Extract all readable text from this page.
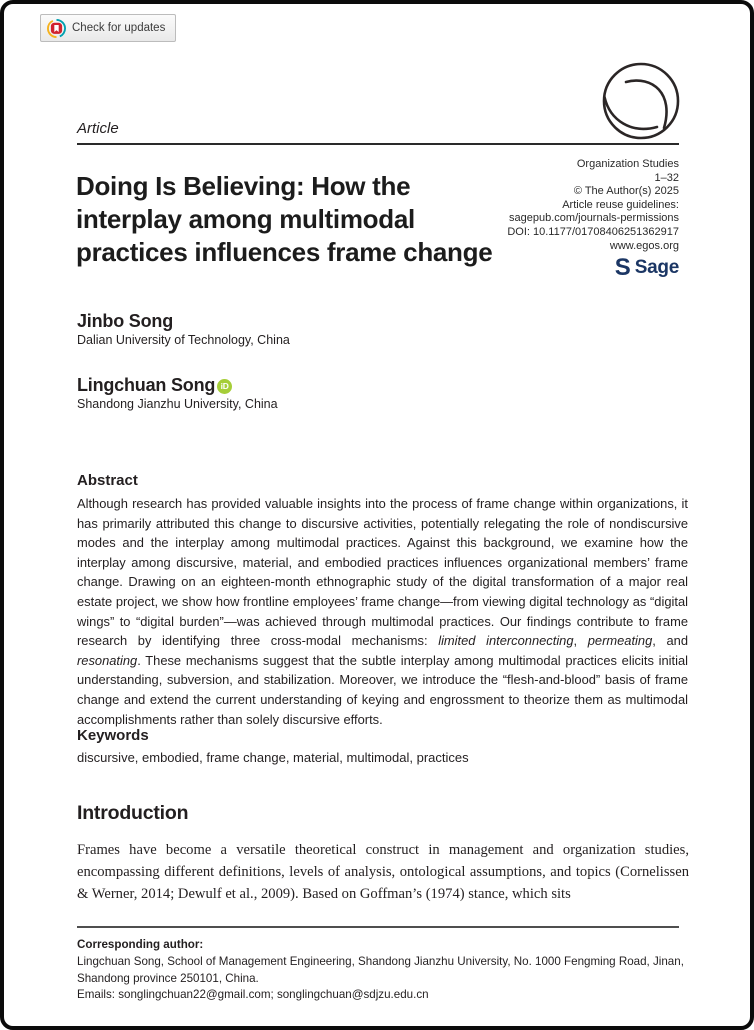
Check for updates
Article
Doing Is Believing: How the
interplay among multimodal
practices influences frame change
Organization Studies
1–32
© The Author(s) 2025
Article reuse guidelines:
sagepub.com/journals-permissions
DOI: 10.1177/01708406251362917
www.egos.org
S Sage
Jinbo Song
Dalian University of Technology, China
Lingchuan Song iD
Shandong Jianzhu University, China
Abstract

Although research has provided valuable insights into the process of frame change within organizations, it has primarily attributed this change to discursive activities, potentially relegating the role of nondiscursive modes and the interplay among multimodal practices. Against this background, we examine how the interplay among discursive, material, and embodied practices influences organizational members’ frame change. Drawing on an eighteen-month ethnographic study of the digital transformation of a major real estate project, we show how frontline employees’ frame change—from viewing digital technology as “digital wings” to “digital burden”—was achieved through multimodal practices. Our findings contribute to frame research by identifying three cross-modal mechanisms: limited interconnecting, permeating, and resonating. These mechanisms suggest that the subtle interplay among multimodal practices elicits initial understanding, subversion, and stabilization. Moreover, we introduce the “flesh-and-blood” basis of frame change and extend the current understanding of keying and engrossment to theorize them as multimodal accomplishments rather than solely discursive efforts.

Keywords

discursive, embodied, frame change, material, multimodal, practices

Introduction

Frames have become a versatile theoretical construct in management and organization studies, encompassing different definitions, levels of analysis, ontological assumptions, and topics (Cornelissen & Werner, 2014; Dewulf et al., 2009). Based on Goffman’s (1974) stance, which sits

Corresponding author:
Lingchuan Song, School of Management Engineering, Shandong Jianzhu University, No. 1000 Fengming Road, Jinan, Shandong province 250101, China.
Emails: songlingchuan22@gmail.com; songlingchuan@sdjzu.edu.cn
